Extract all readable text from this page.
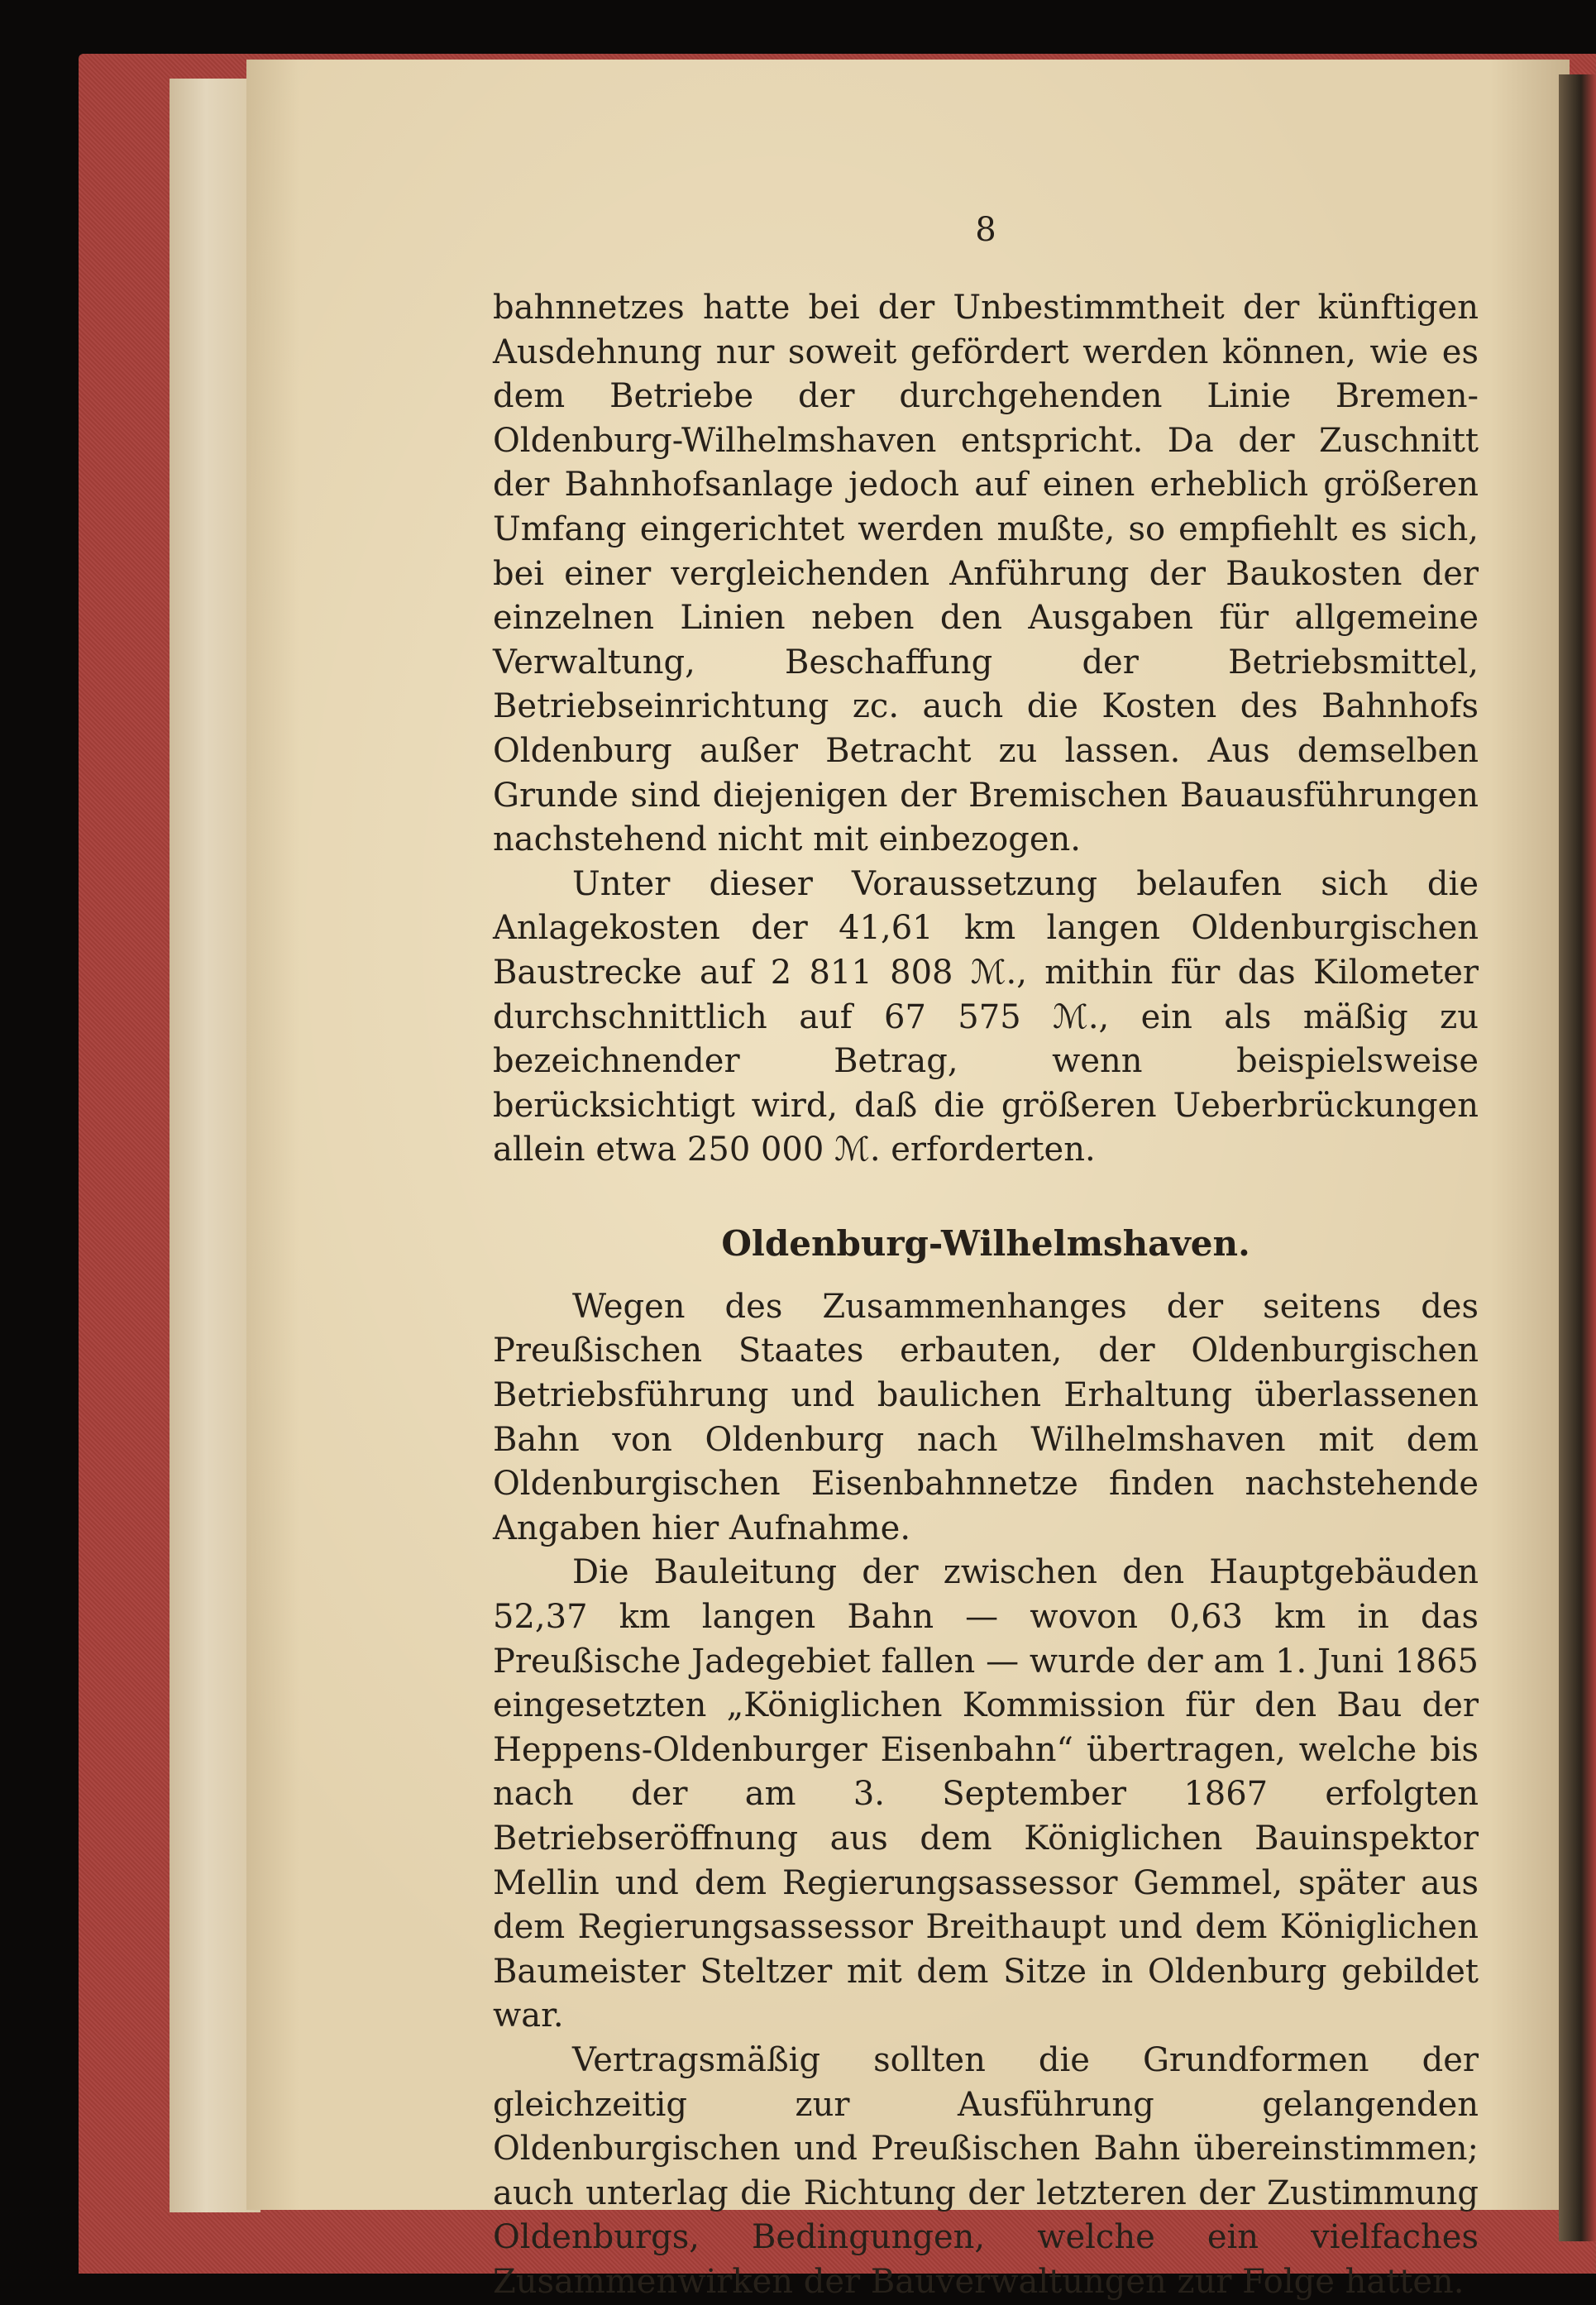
8

bahnnetzes hatte bei der Unbestimmtheit der künftigen Ausdehnung nur soweit gefördert werden können, wie es dem Betriebe der durchgehenden Linie Bremen-Oldenburg-Wilhelmshaven entspricht. Da der Zuschnitt der Bahnhofsanlage jedoch auf einen erheblich größeren Umfang eingerichtet werden mußte, so empfiehlt es sich, bei einer vergleichenden Anführung der Baukosten der einzelnen Linien neben den Ausgaben für allgemeine Verwaltung, Beschaffung der Betriebsmittel, Betriebseinrichtung zc. auch die Kosten des Bahnhofs Oldenburg außer Betracht zu lassen. Aus demselben Grunde sind diejenigen der Bremischen Bauausführungen nachstehend nicht mit einbezogen.

Unter dieser Voraussetzung belaufen sich die Anlagekosten der 41,61 km langen Oldenburgischen Baustrecke auf 2 811 808 ℳ., mithin für das Kilometer durchschnittlich auf 67 575 ℳ., ein als mäßig zu bezeichnender Betrag, wenn beispielsweise berücksichtigt wird, daß die größeren Ueberbrückungen allein etwa 250 000 ℳ. erforderten.

Oldenburg-Wilhelmshaven.

Wegen des Zusammenhanges der seitens des Preußischen Staates erbauten, der Oldenburgischen Betriebsführung und baulichen Erhaltung überlassenen Bahn von Oldenburg nach Wilhelmshaven mit dem Oldenburgischen Eisenbahnnetze finden nachstehende Angaben hier Aufnahme.

Die Bauleitung der zwischen den Hauptgebäuden 52,37 km langen Bahn — wovon 0,63 km in das Preußische Jadegebiet fallen — wurde der am 1. Juni 1865 eingesetzten „Königlichen Kommission für den Bau der Heppens-Oldenburger Eisenbahn“ übertragen, welche bis nach der am 3. September 1867 erfolgten Betriebseröffnung aus dem Königlichen Bauinspektor Mellin und dem Regierungsassessor Gemmel, später aus dem Regierungsassessor Breithaupt und dem Königlichen Baumeister Steltzer mit dem Sitze in Oldenburg gebildet war.

Vertragsmäßig sollten die Grundformen der gleichzeitig zur Ausführung gelangenden Oldenburgischen und Preußischen Bahn übereinstimmen; auch unterlag die Richtung der letzteren der Zustimmung Oldenburgs, Bedingungen, welche ein vielfaches Zusammenwirken der Bauverwaltungen zur Folge hatten.
